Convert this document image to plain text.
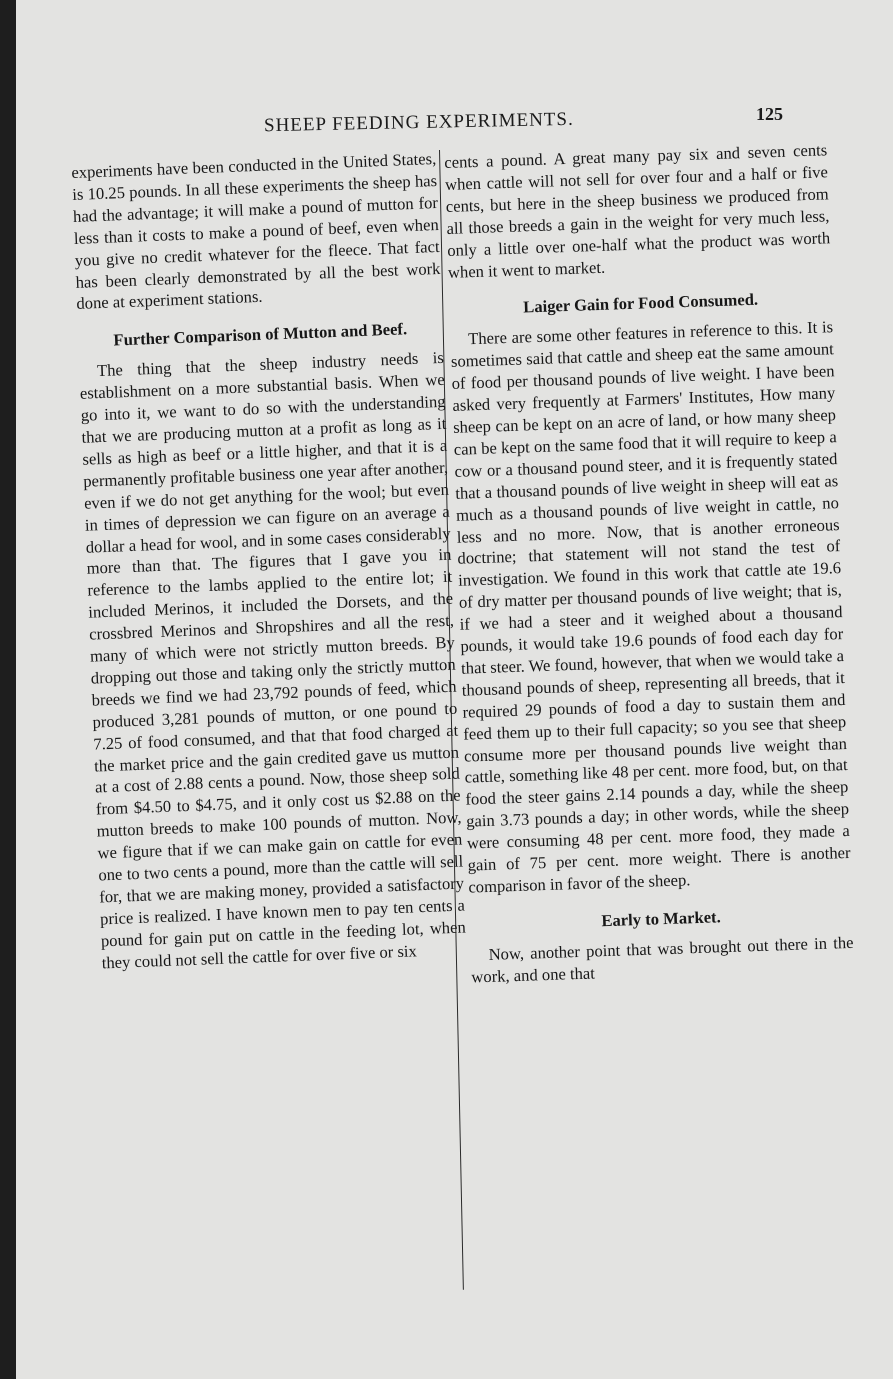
SHEEP FEEDING EXPERIMENTS.	125

experiments have been conducted in the United States, is 10.25 pounds. In all these experiments the sheep has had the advantage; it will make a pound of mutton for less than it costs to make a pound of beef, even when you give no credit whatever for the fleece. That fact has been clearly demonstrated by all the best work done at experiment stations.

Further Comparison of Mutton and Beef.

The thing that the sheep industry needs is establishment on a more substantial basis. When we go into it, we want to do so with the understanding that we are producing mutton at a profit as long as it sells as high as beef or a little higher, and that it is a permanently profitable business one year after another, even if we do not get anything for the wool; but even in times of depression we can figure on an average a dollar a head for wool, and in some cases considerably more than that. The figures that I gave you in reference to the lambs applied to the entire lot; it included Merinos, it included the Dorsets, and the crossbred Merinos and Shropshires and all the rest, many of which were not strictly mutton breeds. By dropping out those and taking only the strictly mutton breeds we find we had 23,792 pounds of feed, which produced 3,281 pounds of mutton, or one pound to 7.25 of food consumed, and that that food charged at the market price and the gain credited gave us mutton at a cost of 2.88 cents a pound. Now, those sheep sold from $4.50 to $4.75, and it only cost us $2.88 on the mutton breeds to make 100 pounds of mutton. Now, we figure that if we can make gain on cattle for even one to two cents a pound, more than the cattle will sell for, that we are making money, provided a satisfactory price is realized. I have known men to pay ten cents a pound for gain put on cattle in the feeding lot, when they could not sell the cattle for over five or six

cents a pound. A great many pay six and seven cents when cattle will not sell for over four and a half or five cents, but here in the sheep business we produced from all those breeds a gain in the weight for very much less, only a little over one-half what the product was worth when it went to market.

Laiger Gain for Food Consumed.

There are some other features in reference to this. It is sometimes said that cattle and sheep eat the same amount of food per thousand pounds of live weight. I have been asked very frequently at Farmers' Institutes, How many sheep can be kept on an acre of land, or how many sheep can be kept on the same food that it will require to keep a cow or a thousand pound steer, and it is frequently stated that a thousand pounds of live weight in sheep will eat as much as a thousand pounds of live weight in cattle, no less and no more. Now, that is another erroneous doctrine; that statement will not stand the test of investigation. We found in this work that cattle ate 19.6 of dry matter per thousand pounds of live weight; that is, if we had a steer and it weighed about a thousand pounds, it would take 19.6 pounds of food each day for that steer. We found, however, that when we would take a thousand pounds of sheep, representing all breeds, that it required 29 pounds of food a day to sustain them and feed them up to their full capacity; so you see that sheep consume more per thousand pounds live weight than cattle, something like 48 per cent. more food, but, on that food the steer gains 2.14 pounds a day, while the sheep gain 3.73 pounds a day; in other words, while the sheep were consuming 48 per cent. more food, they made a gain of 75 per cent. more weight. There is another comparison in favor of the sheep.

Early to Market.

Now, another point that was brought out there in the work, and one that
